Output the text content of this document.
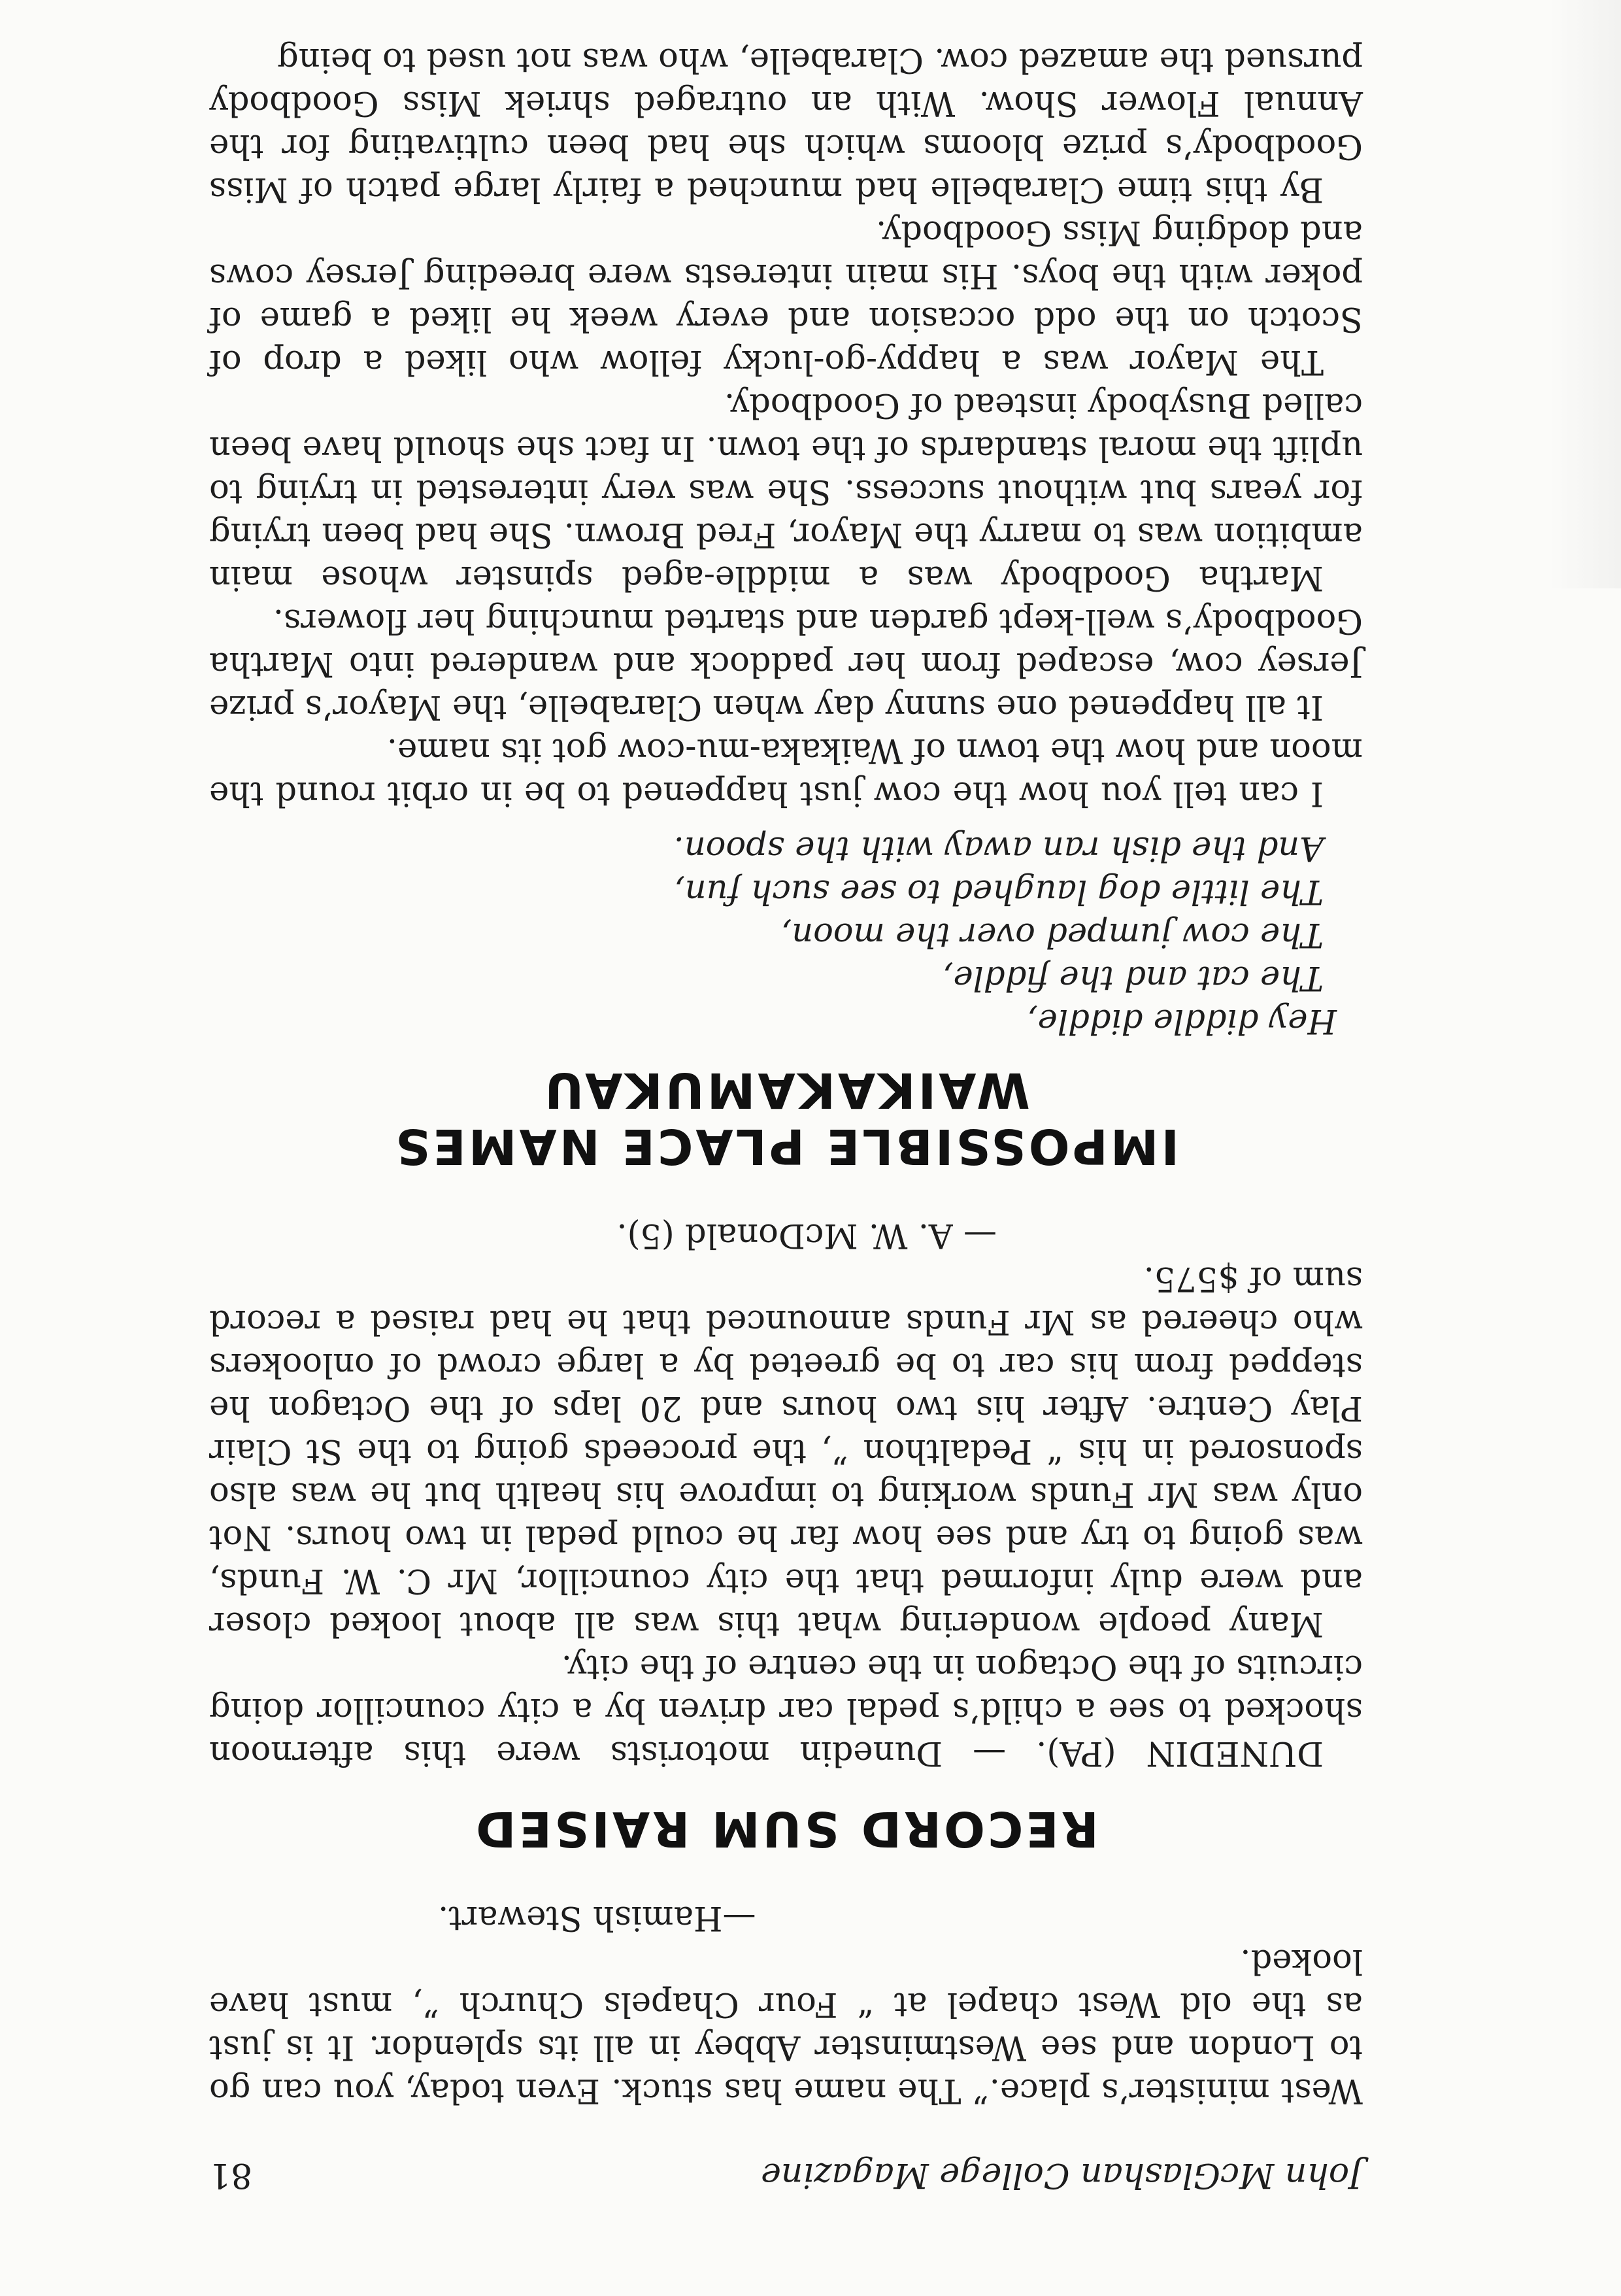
John McGlashan College Magazine
81

West minister’s place.” The name has stuck. Even today, you can go to London and see Westminster Abbey in all its splendor. It is just as the old West chapel at “ Four Chapels Church ”, must have looked.

—Hamish Stewart.

RECORD SUM RAISED

DUNEDIN (PA). — Dunedin motorists were this afternoon shocked to see a child’s pedal car driven by a city councillor doing circuits of the Octagon in the centre of the city.

Many people wondering what this was all about looked closer and were duly informed that the city councillor, Mr C. W. Funds, was going to try and see how far he could pedal in two hours. Not only was Mr Funds working to improve his health but he was also sponsored in his “ Pedalthon ”, the proceeds going to the St Clair Play Centre. After his two hours and 20 laps of the Octagon he stepped from his car to be greeted by a large crowd of onlookers who cheered as Mr Funds announced that he had raised a record sum of $575.

— A. W. McDonald (5).

IMPOSSIBLE PLACE NAMES
WAIKAKAMUKAU
Hey diddle diddle,
The cat and the fiddle,
The cow jumped over the moon,
The little dog laughed to see such fun,
And the dish ran away with the spoon.

I can tell you how the cow just happened to be in orbit round the moon and how the town of Waikaka-mu-cow got its name.

It all happened one sunny day when Clarabelle, the Mayor’s prize Jersey cow, escaped from her paddock and wandered into Martha Goodbody’s well-kept garden and started munching her flowers.

Martha Goodbody was a middle-aged spinster whose main ambition was to marry the Mayor, Fred Brown. She had been trying for years but without success. She was very interested in trying to uplift the moral standards of the town. In fact she should have been called Busybody instead of Goodbody.

The Mayor was a happy-go-lucky fellow who liked a drop of Scotch on the odd occasion and every week he liked a game of poker with the boys. His main interests were breeding Jersey cows and dodging Miss Goodbody.

By this time Clarabelle had munched a fairly large patch of Miss Goodbody’s prize blooms which she had been cultivating for the Annual Flower Show. With an outraged shriek Miss Goodbody pursued the amazed cow. Clarabelle, who was not used to being
